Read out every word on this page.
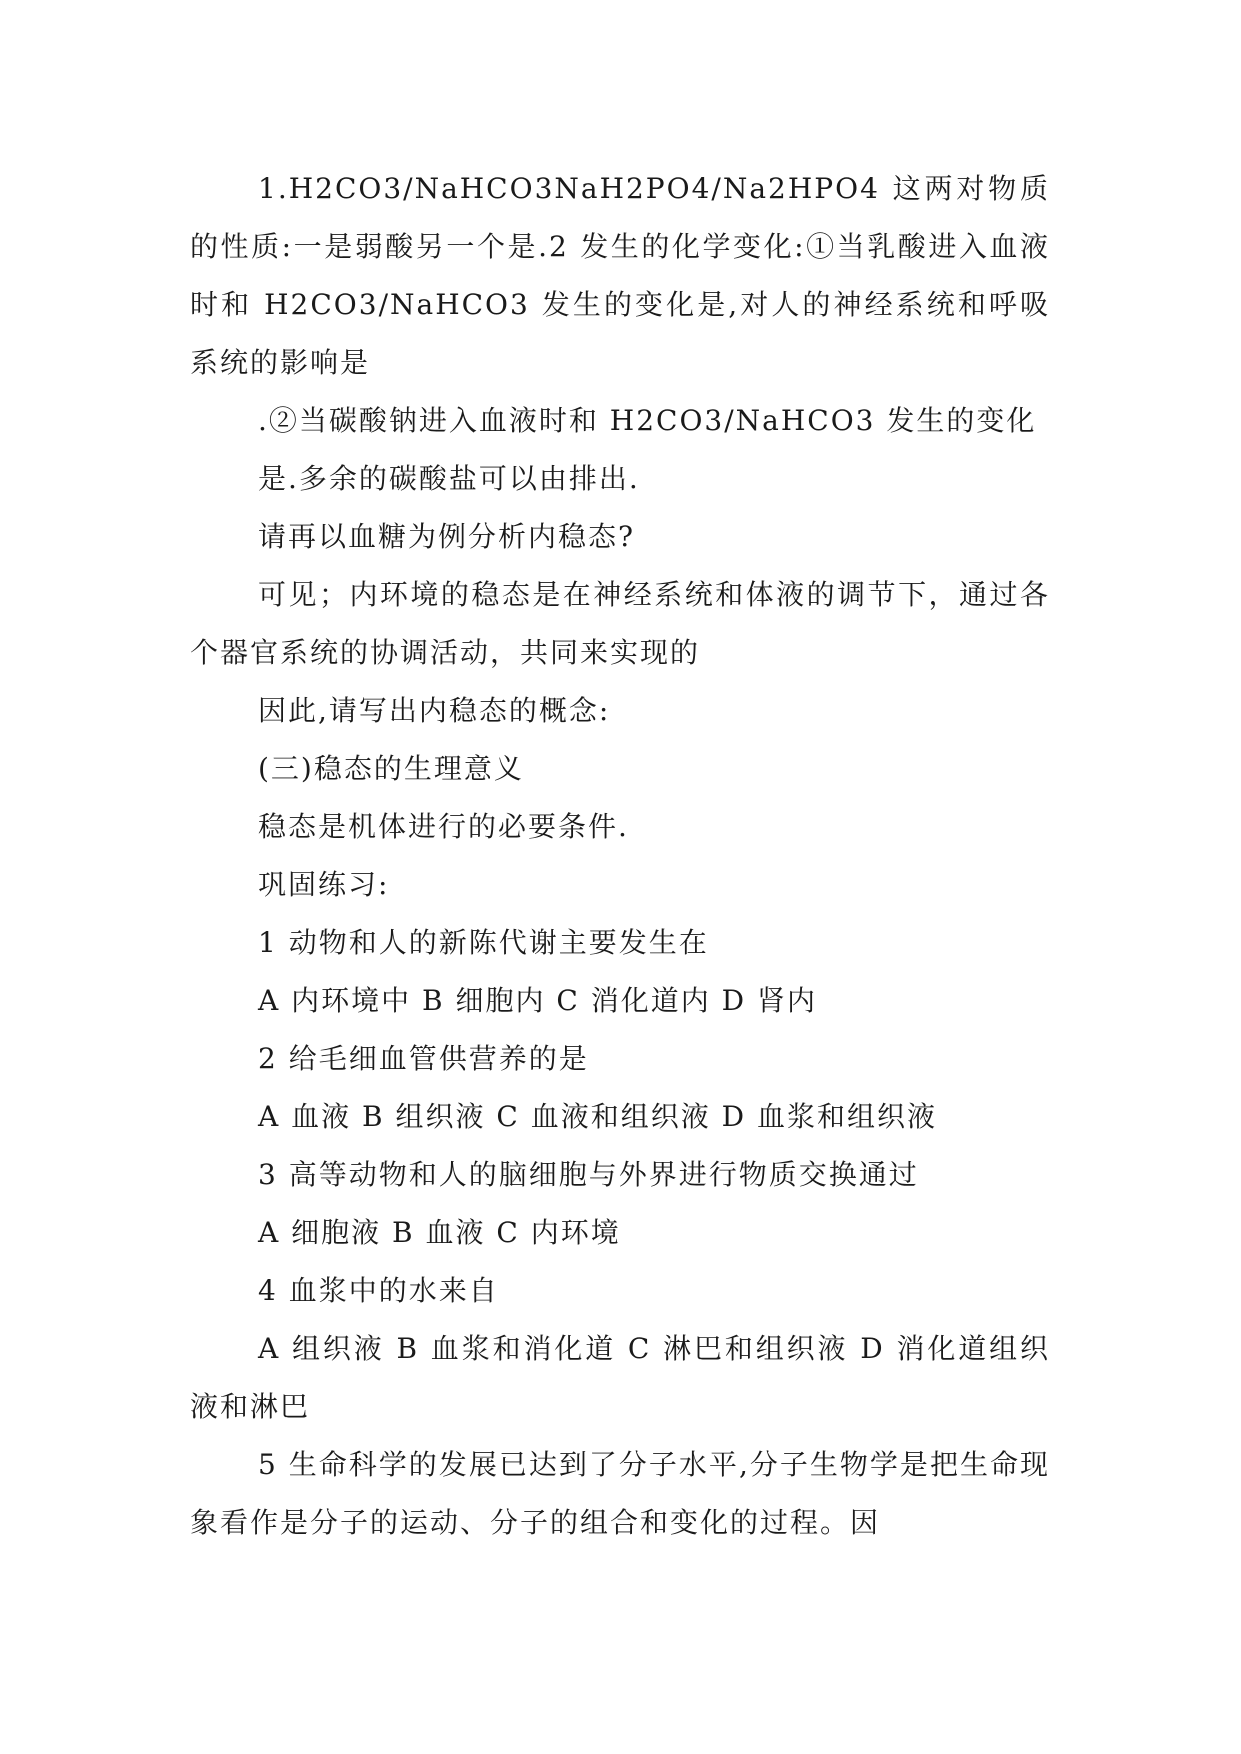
1.H2CO3/NaHCO3NaH2PO4/Na2HPO4 这两对物质的性质:一是弱酸另一个是.2 发生的化学变化:①当乳酸进入血液时和 H2CO3/NaHCO3 发生的变化是,对人的神经系统和呼吸系统的影响是

.②当碳酸钠进入血液时和 H2CO3/NaHCO3 发生的变化

是.多余的碳酸盐可以由排出.

请再以血糖为例分析内稳态?

可见；内环境的稳态是在神经系统和体液的调节下，通过各个器官系统的协调活动，共同来实现的

因此,请写出内稳态的概念:

(三)稳态的生理意义

稳态是机体进行的必要条件.

巩固练习:

1 动物和人的新陈代谢主要发生在

A 内环境中 B 细胞内 C 消化道内 D 肾内

2 给毛细血管供营养的是

A 血液 B 组织液 C 血液和组织液 D 血浆和组织液

3 高等动物和人的脑细胞与外界进行物质交换通过

A 细胞液 B 血液 C 内环境

4 血浆中的水来自

A 组织液 B 血浆和消化道 C 淋巴和组织液 D 消化道组织液和淋巴

5 生命科学的发展已达到了分子水平,分子生物学是把生命现象看作是分子的运动、分子的组合和变化的过程。因
